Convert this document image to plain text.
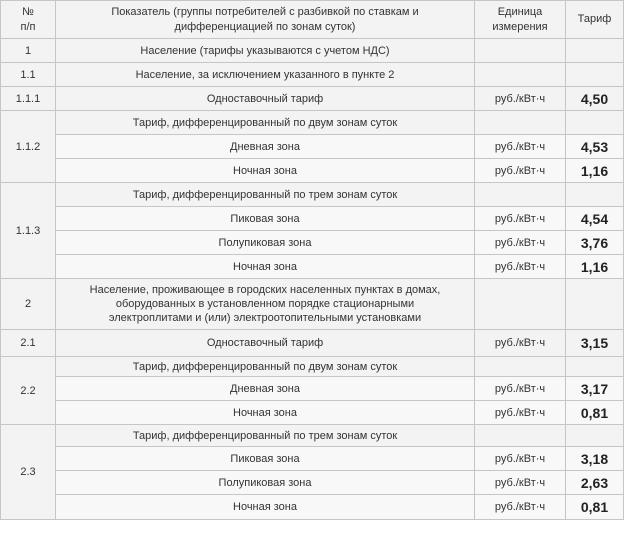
№
п/п	Показатель (группы потребителей с разбивкой по ставкам и дифференциацией по зонам суток)	Единица измерения	Тариф
1	Население (тарифы указываются с учетом НДС)		
1.1	Население, за исключением указанного в пункте 2		
1.1.1	Одноставочный тариф	руб./кВт·ч	4,50
1.1.2	Тариф, дифференцированный по двум зонам суток		
	Дневная зона	руб./кВт·ч	4,53
	Ночная зона	руб./кВт·ч	1,16
1.1.3	Тариф, дифференцированный по трем зонам суток		
	Пиковая зона	руб./кВт·ч	4,54
	Полупиковая зона	руб./кВт·ч	3,76
	Ночная зона	руб./кВт·ч	1,16
2	Население, проживающее в городских населенных пунктах в домах, оборудованных в установленном порядке стационарными электроплитами и (или) электроотопительными установками		
2.1	Одноставочный тариф	руб./кВт·ч	3,15
2.2	Тариф, дифференцированный по двум зонам суток		
	Дневная зона	руб./кВт·ч	3,17
	Ночная зона	руб./кВт·ч	0,81
2.3	Тариф, дифференцированный по трем зонам суток		
	Пиковая зона	руб./кВт·ч	3,18
	Полупиковая зона	руб./кВт·ч	2,63
	Ночная зона	руб./кВт·ч	0,81
